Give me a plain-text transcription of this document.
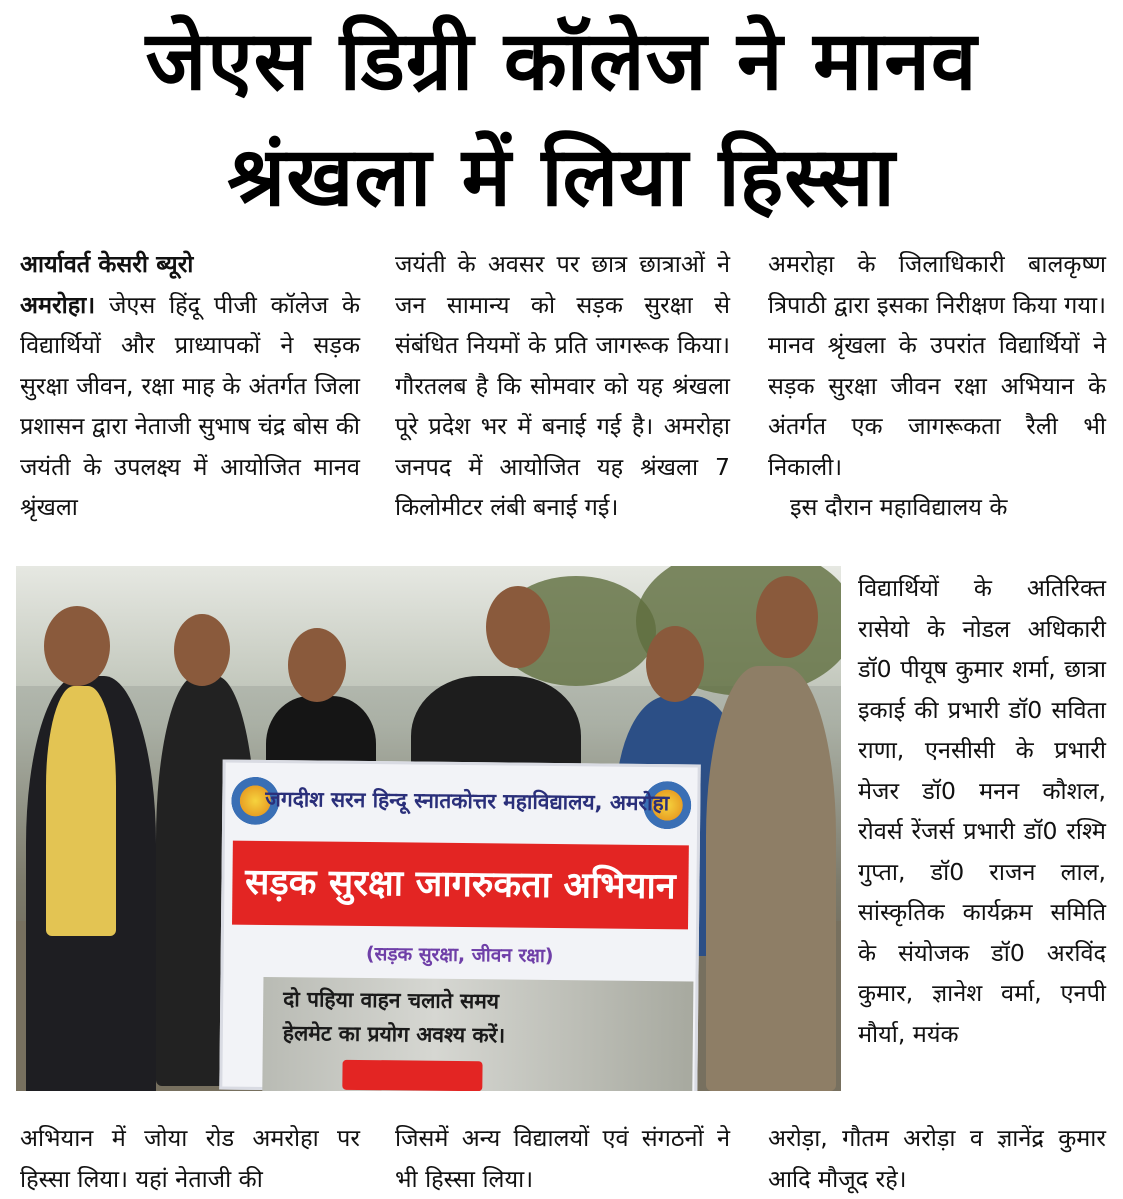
जेएस डिग्री कॉलेज ने मानव
श्रंखला में लिया हिस्सा

आर्यावर्त केसरी ब्यूरो

अमरोहा। जेएस हिंदू पीजी कॉलेज के विद्यार्थियों और प्राध्यापकों ने सड़क सुरक्षा जीवन, रक्षा माह के अंतर्गत जिला प्रशासन द्वारा नेताजी सुभाष चंद्र बोस की जयंती के उपलक्ष्य में आयोजित मानव श्रृंखला

जयंती के अवसर पर छात्र छात्राओं ने जन सामान्य को सड़क सुरक्षा से संबंधित नियमों के प्रति जागरूक किया। गौरतलब है कि सोमवार को यह श्रंखला पूरे प्रदेश भर में बनाई गई है। अमरोहा जनपद में आयोजित यह श्रंखला 7 किलोमीटर लंबी बनाई गई।

अमरोहा के जिलाधिकारी बालकृष्ण त्रिपाठी द्वारा इसका निरीक्षण किया गया। मानव श्रृंखला के उपरांत विद्यार्थियों ने सड़क सुरक्षा जीवन रक्षा अभियान के अंतर्गत एक जागरूकता रैली भी निकाली।

इस दौरान महाविद्यालय के

विद्यार्थियों के अतिरिक्त रासेयो के नोडल अधिकारी डॉ0 पीयूष कुमार शर्मा, छात्रा इकाई की प्रभारी डॉ0 सविता राणा, एनसीसी के प्रभारी मेजर डॉ0 मनन कौशल, रोवर्स रेंजर्स प्रभारी डॉ0 रश्मि गुप्ता, डॉ0 राजन लाल, सांस्कृतिक कार्यक्रम समिति के संयोजक डॉ0 अरविंद कुमार, ज्ञानेश वर्मा, एनपी मौर्या, मयंक

जगदीश सरन हिन्दू स्नातकोत्तर महाविद्यालय, अमरोहा
सड़क सुरक्षा जागरुकता अभियान
(सड़क सुरक्षा, जीवन रक्षा)
दो पहिया वाहन चलाते समय
हेलमेट का प्रयोग अवश्य करें।

अभियान में जोया रोड अमरोहा पर हिस्सा लिया। यहां नेताजी की

जिसमें अन्य विद्यालयों एवं संगठनों ने भी हिस्सा लिया।

अरोड़ा, गौतम अरोड़ा व ज्ञानेंद्र कुमार आदि मौजूद रहे।
